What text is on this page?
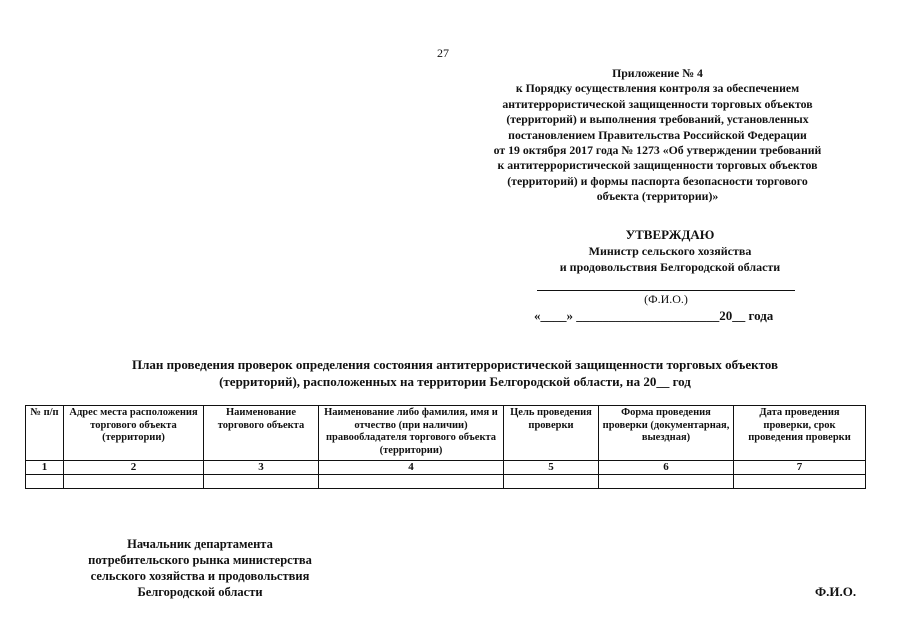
27
Приложение № 4
к Порядку осуществления контроля за обеспечением
антитеррористической защищенности торговых объектов
(территорий) и выполнения требований, установленных
постановлением Правительства Российской Федерации
от 19 октября 2017 года № 1273 «Об утверждении требований
к антитеррористической защищенности торговых объектов
(территорий) и формы паспорта безопасности торгового
объекта (территории)»
УТВЕРЖДАЮ
Министр сельского хозяйства
и продовольствия Белгородской области
(Ф.И.О.)
«____» ______________________20__ года
План проведения проверок определения состояния антитеррористической защищенности торговых объектов
(территорий), расположенных на территории Белгородской области, на 20__ год
№ п/п	Адрес места расположения торгового объекта (территории)	Наименование торгового объекта	Наименование либо фамилия, имя и отчество (при наличии) правообладателя торгового объекта (территории)	Цель проведения проверки	Форма проведения проверки (документарная, выездная)	Дата проведения проверки, срок проведения проверки
1	2	3	4	5	6	7

Начальник департамента
потребительского рынка министерства
сельского хозяйства и продовольствия
Белгородской области	Ф.И.О.
